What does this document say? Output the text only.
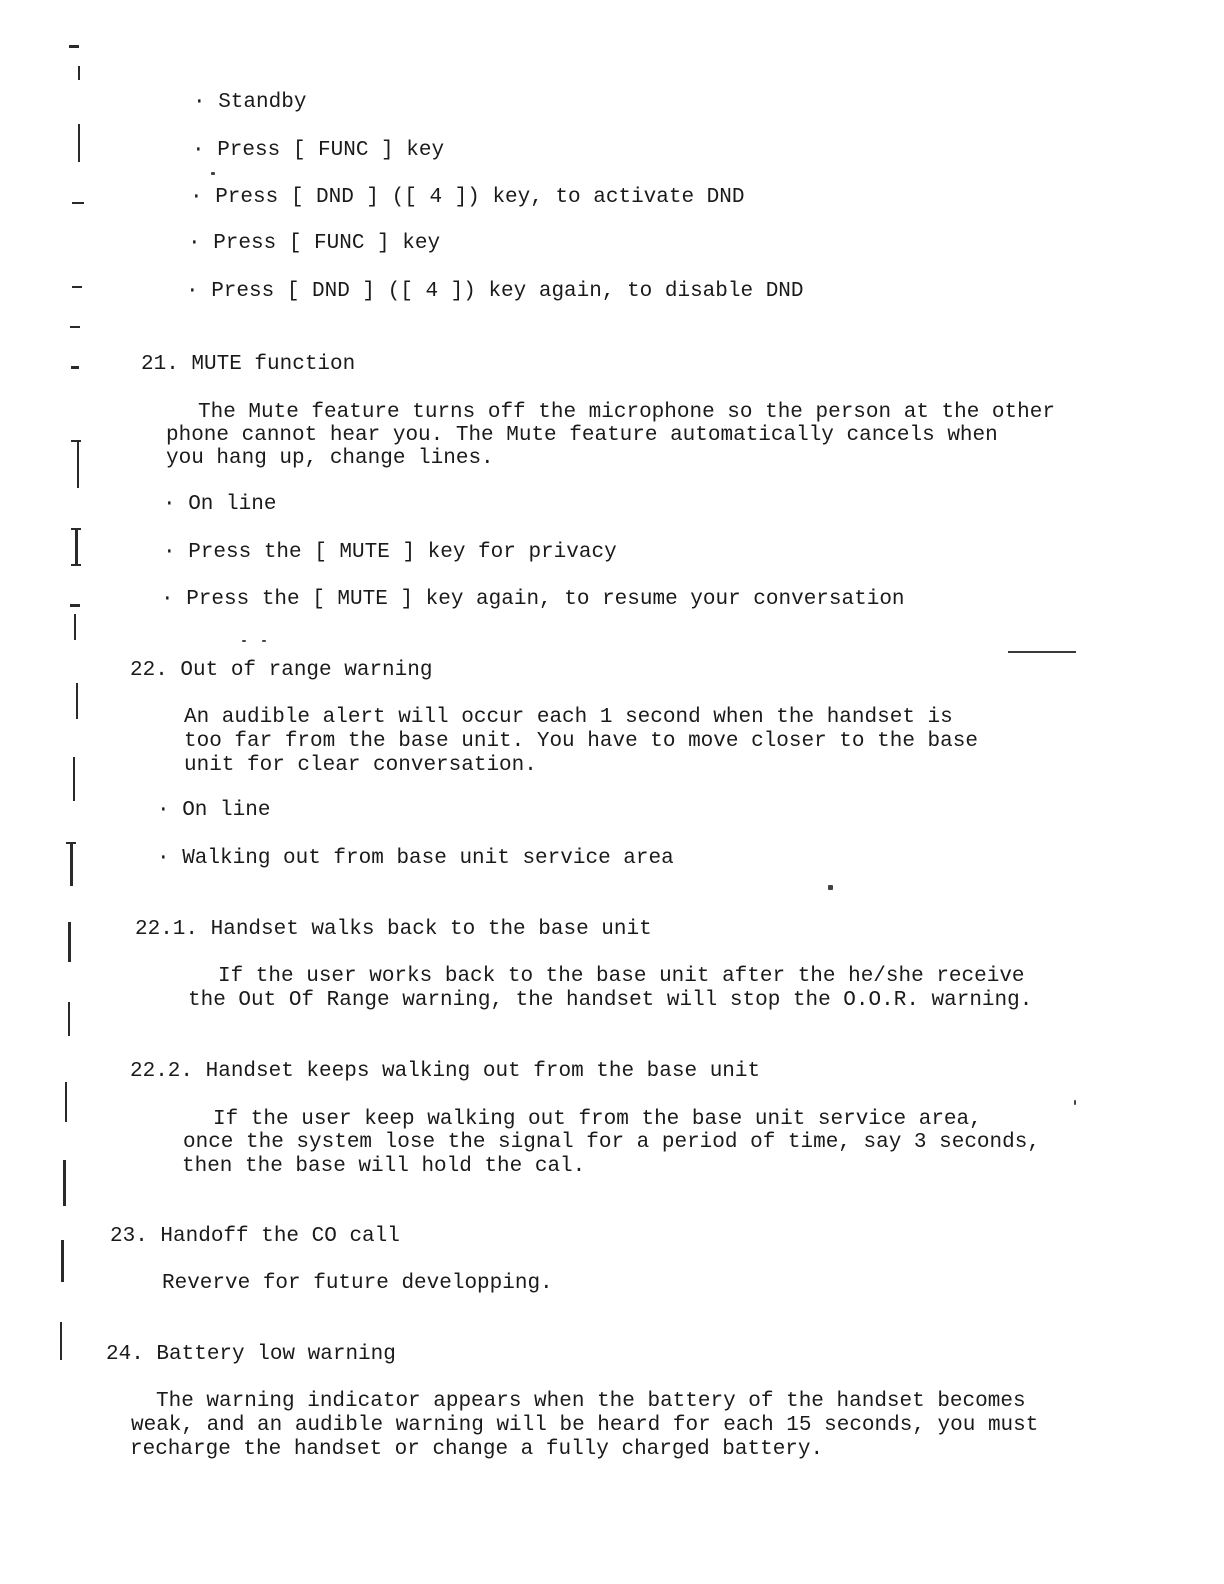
· Standby
· Press [ FUNC ] key
· Press [ DND ] ([ 4 ]) key, to activate DND
· Press [ FUNC ] key
· Press [ DND ] ([ 4 ]) key again, to disable DND
21. MUTE function
The Mute feature turns off the microphone so the person at the other
phone cannot hear you. The Mute feature automatically cancels when
you hang up, change lines.
· On line
· Press the [ MUTE ] key for privacy
· Press the [ MUTE ] key again, to resume your conversation
22. Out of range warning
An audible alert will occur each 1 second when the handset is
too far from the base unit. You have to move closer to the base
unit for clear conversation.
· On line
· Walking out from base unit service area
22.1. Handset walks back to the base unit
If the user works back to the base unit after the he/she receive
the Out Of Range warning, the handset will stop the O.O.R. warning.
22.2. Handset keeps walking out from the base unit
If the user keep walking out from the base unit service area,
once the system lose the signal for a period of time, say 3 seconds,
then the base will hold the cal.
23. Handoff the CO call
Reverve for future developping.
24. Battery low warning
The warning indicator appears when the battery of the handset becomes
weak, and an audible warning will be heard for each 15 seconds, you must
recharge the handset or change a fully charged battery.
